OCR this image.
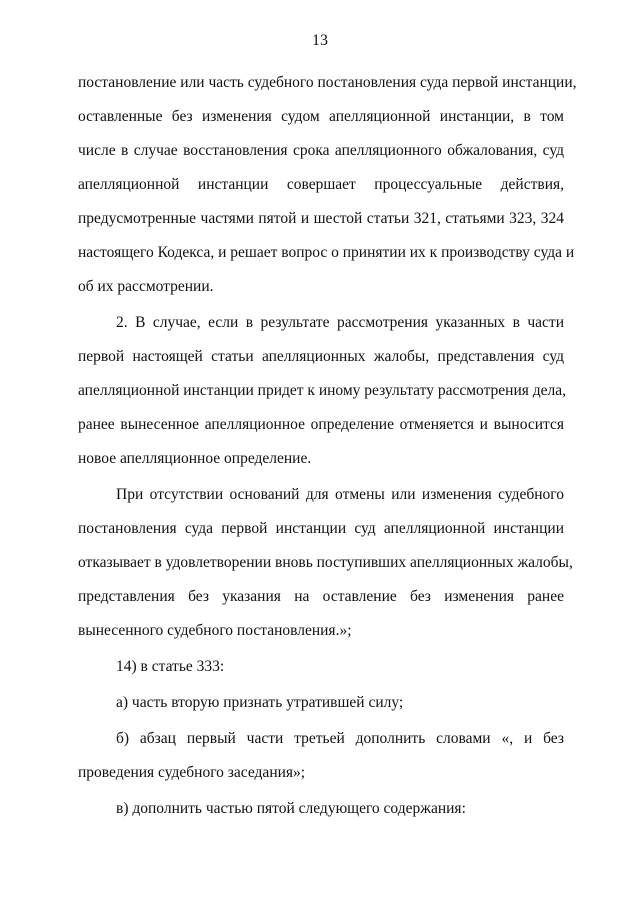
13
постановление или часть судебного постановления суда первой инстанции,
оставленные без изменения судом апелляционной инстанции, в том
числе в случае восстановления срока апелляционного обжалования, суд
апелляционной инстанции совершает процессуальные действия,
предусмотренные частями пятой и шестой статьи 321, статьями 323, 324
настоящего Кодекса, и решает вопрос о принятии их к производству суда и
об их рассмотрении.
2. В случае, если в результате рассмотрения указанных в части
первой настоящей статьи апелляционных жалобы, представления суд
апелляционной инстанции придет к иному результату рассмотрения дела,
ранее вынесенное апелляционное определение отменяется и выносится
новое апелляционное определение.
При отсутствии оснований для отмены или изменения судебного
постановления суда первой инстанции суд апелляционной инстанции
отказывает в удовлетворении вновь поступивших апелляционных жалобы,
представления без указания на оставление без изменения ранее
вынесенного судебного постановления.»;
14) в статье 333:
а) часть вторую признать утратившей силу;
б) абзац первый части третьей дополнить словами «, и без
проведения судебного заседания»;
в) дополнить частью пятой следующего содержания:
